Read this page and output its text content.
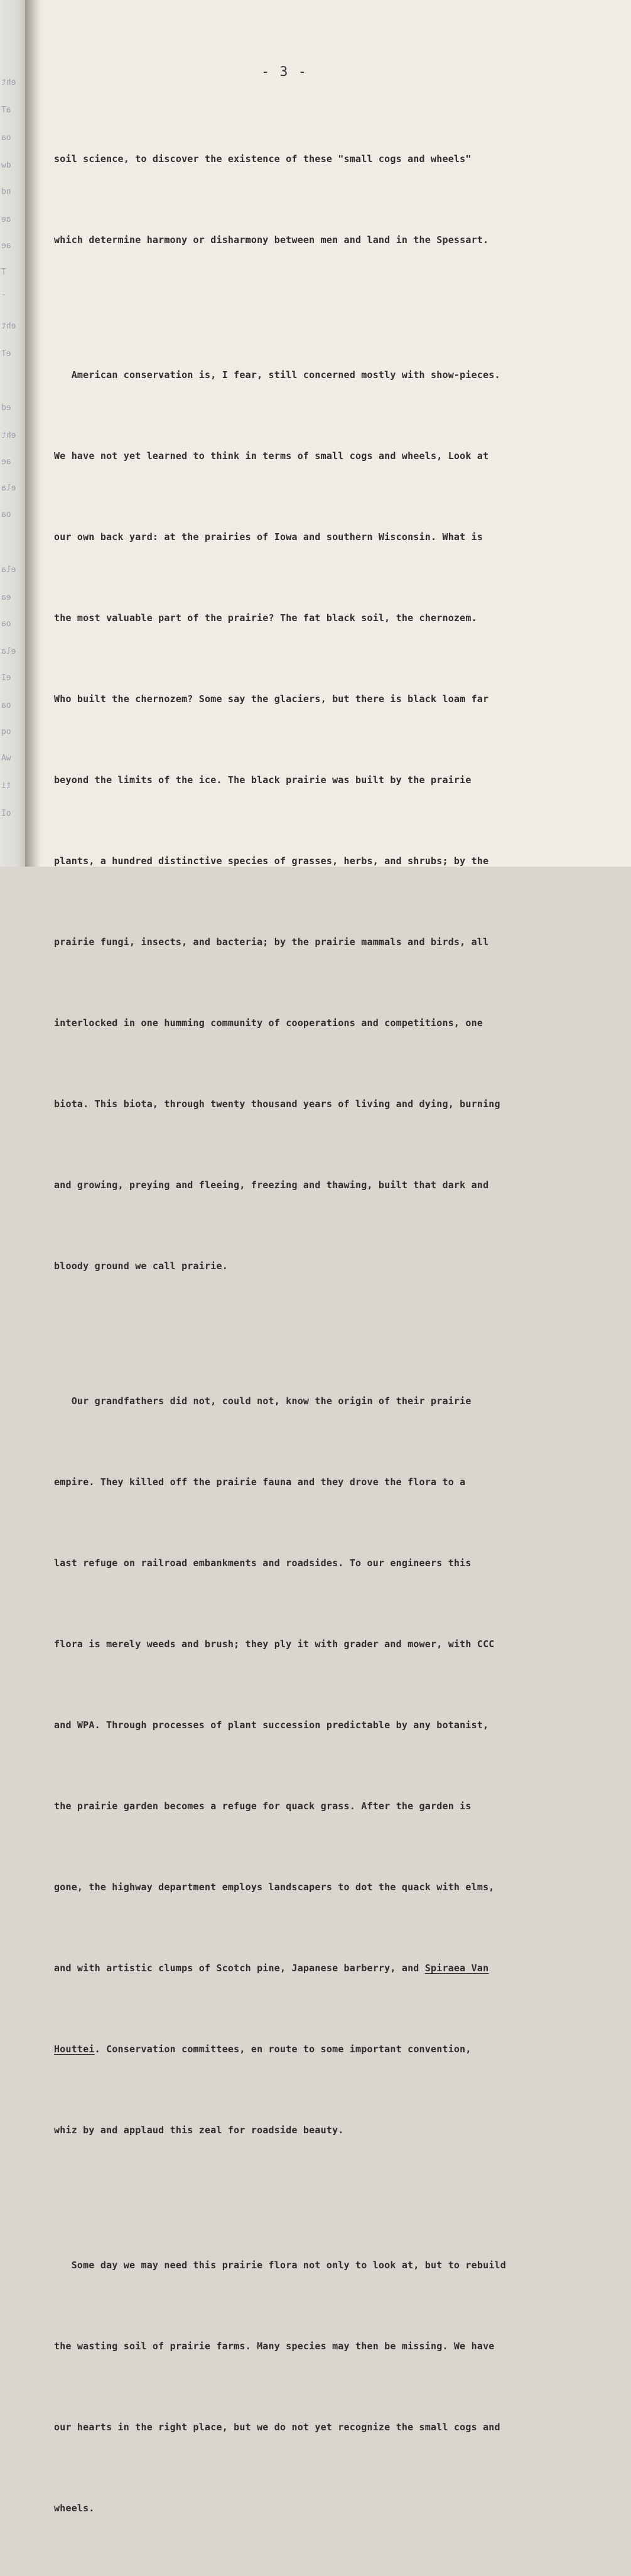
eht

aT

oa

dw

nd

ae

ae

T

-

eht

eT

ed

eht

ae

ela

oa

ela

ea

oa

ela

eI

oa

oq

wA

ti

oI

- 3 -

soil science, to discover the existence of these "small cogs and wheels"

which determine harmony or disharmony between men and land in the Spessart.

American conservation is, I fear, still concerned mostly with show-pieces.

We have not yet learned to think in terms of small cogs and wheels, Look at

our own back yard: at the prairies of Iowa and southern Wisconsin. What is

the most valuable part of the prairie? The fat black soil, the chernozem.

Who built the chernozem? Some say the glaciers, but there is black loam far

beyond the limits of the ice. The black prairie was built by the prairie

plants, a hundred distinctive species of grasses, herbs, and shrubs; by the

prairie fungi, insects, and bacteria; by the prairie mammals and birds, all

interlocked in one humming community of cooperations and competitions, one

biota. This biota, through twenty thousand years of living and dying, burning

and growing, preying and fleeing, freezing and thawing, built that dark and

bloody ground we call prairie.

Our grandfathers did not, could not, know the origin of their prairie

empire. They killed off the prairie fauna and they drove the flora to a

last refuge on railroad embankments and roadsides. To our engineers this

flora is merely weeds and brush; they ply it with grader and mower, with CCC

and WPA. Through processes of plant succession predictable by any botanist,

the prairie garden becomes a refuge for quack grass. After the garden is

gone, the highway department employs landscapers to dot the quack with elms,

and with artistic clumps of Scotch pine, Japanese barberry, and Spiraea Van

Houttei. Conservation committees, en route to some important convention,

whiz by and applaud this zeal for roadside beauty.

Some day we may need this prairie flora not only to look at, but to rebuild

the wasting soil of prairie farms. Many species may then be missing. We have

our hearts in the right place, but we do not yet recognize the small cogs and

wheels.
